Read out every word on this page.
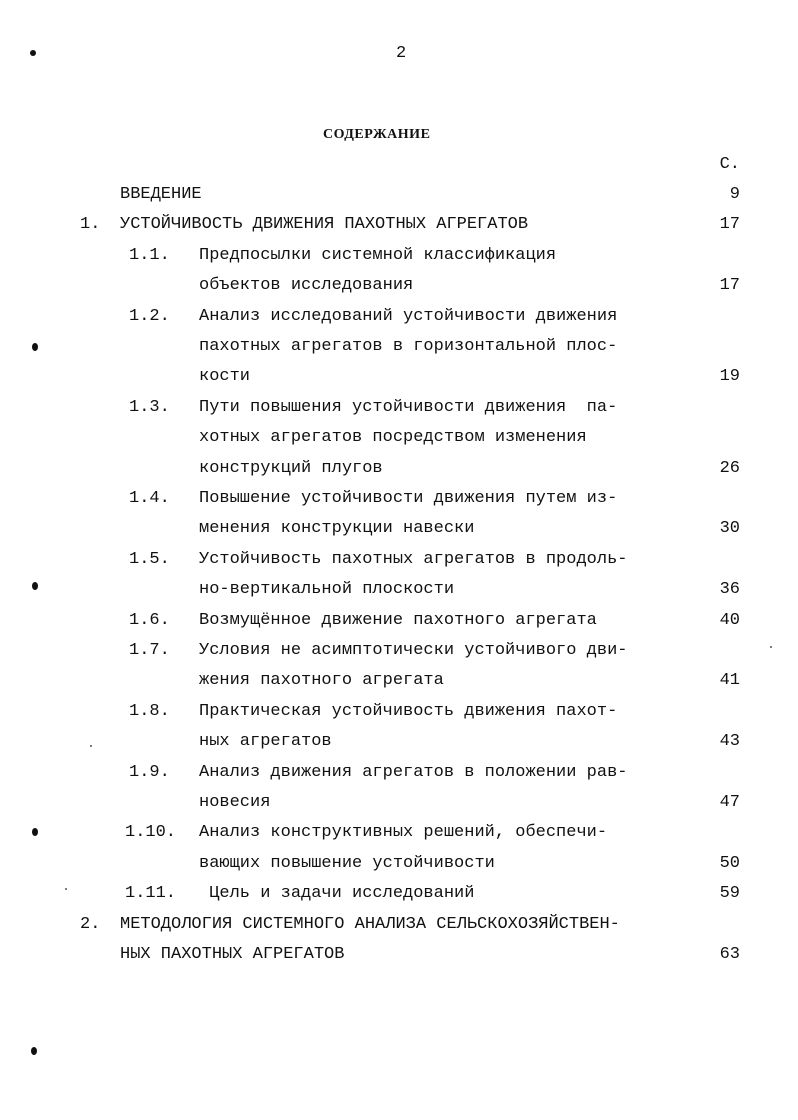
2
СОДЕРЖАНИЕ
С.
ВВЕДЕНИЕ	9
1. УСТОЙЧИВОСТЬ ДВИЖЕНИЯ ПАХОТНЫХ АГРЕГАТОВ	17
1.1. Предпосылки системной классификация
объектов исследования	17
1.2. Анализ исследований устойчивости движения
пахотных агрегатов в горизонтальной плос-
кости	19
1.3. Пути повышения устойчивости движения  па-
хотных агрегатов посредством изменения
конструкций плугов	26
1.4. Повышение устойчивости движения путем из-
менения конструкции навески	30
1.5. Устойчивость пахотных агрегатов в продоль-
но-вертикальной плоскости	36
1.6. Возмущённое движение пахотного агрегата	40
1.7. Условия не асимптотически устойчивого дви-
жения пахотного агрегата	41
1.8. Практическая устойчивость движения пахот-
ных агрегатов	43
1.9. Анализ движения агрегатов в положении рав-
новесия	47
1.10. Анализ конструктивных решений, обеспечи-
вающих повышение устойчивости	50
1.11. Цель и задачи исследований	59
2. МЕТОДОЛОГИЯ СИСТЕМНОГО АНАЛИЗА СЕЛЬСКОХОЗЯЙСТВЕН-
НЫХ ПАХОТНЫХ АГРЕГАТОВ	63
